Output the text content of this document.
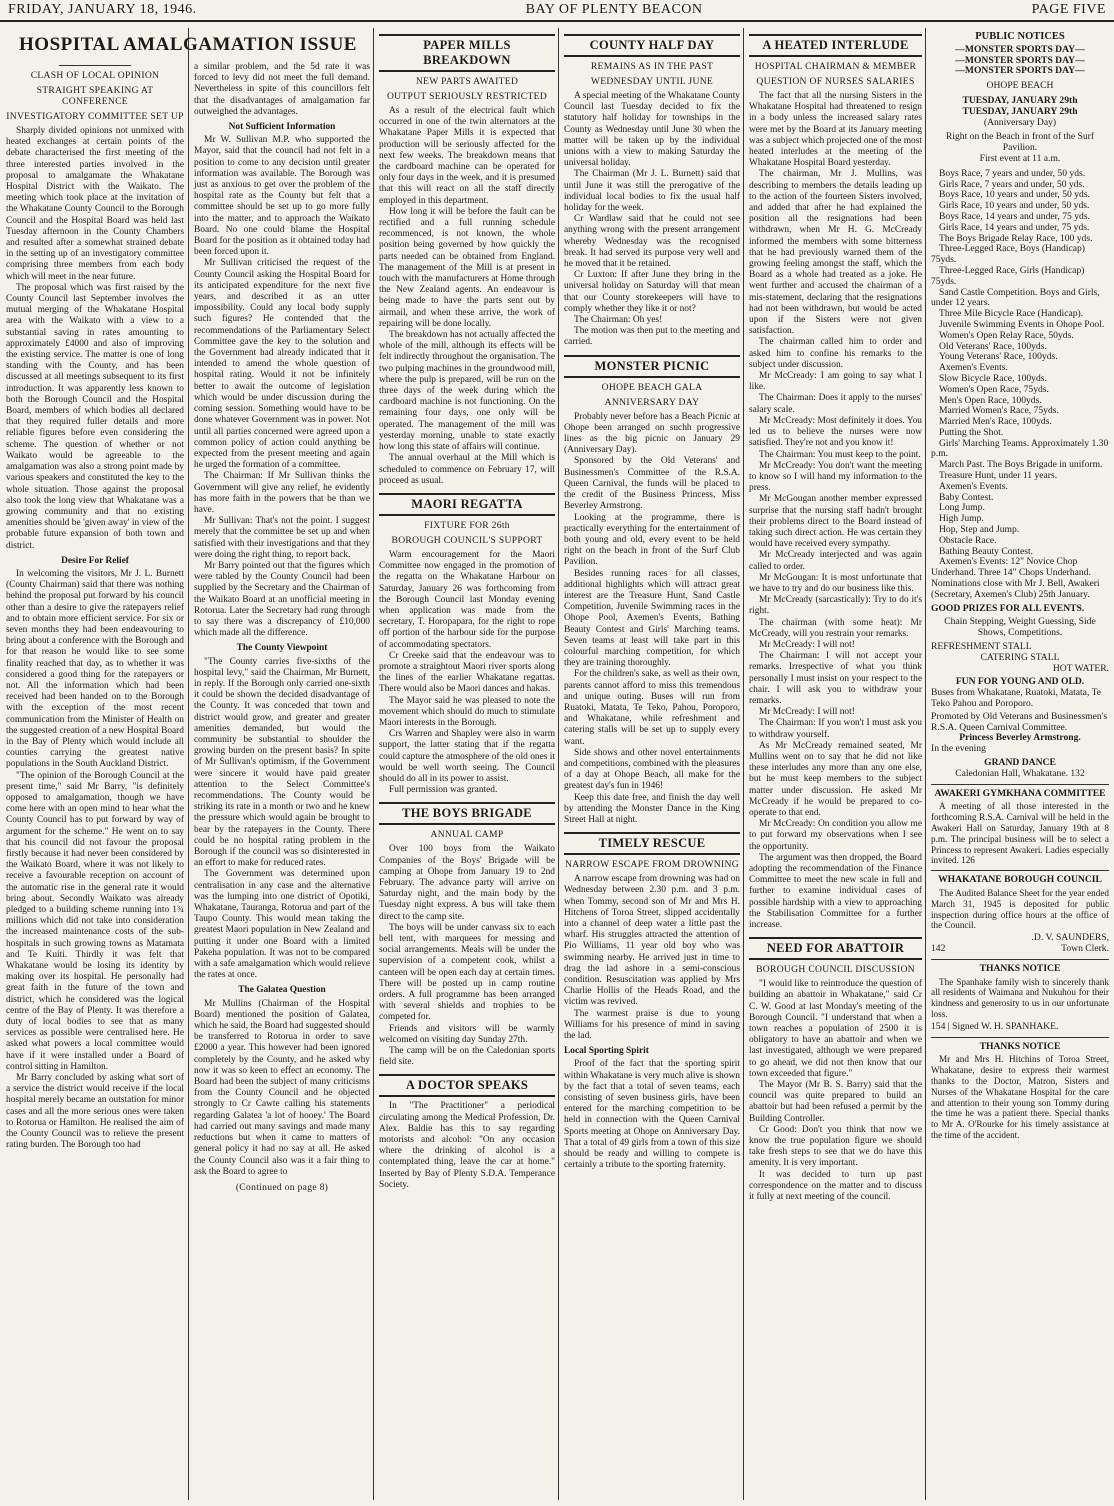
FRIDAY, JANUARY 18, 1946.	BAY OF PLENTY BEACON	PAGE FIVE
HOSPITAL AMALGAMATION ISSUE
CLASH OF LOCAL OPINION
STRAIGHT SPEAKING AT CONFERENCE
INVESTIGATORY COMMITTEE SET UP

Sharply divided opinions not unmixed with heated exchanges at certain points of the debate characterised the first meeting of the three interested parties involved in the proposal to amalgamate the Whakatane Hospital District with the Waikato. The meeting which took place at the invitation of the Whakatane County Council to the Borough Council and the Hospital Board was held last Tuesday afternoon in the County Chambers and resulted after a somewhat strained debate in the setting up of an investigatory committee comprising three members from each body which will meet in the near future.

The proposal which was first raised by the County Council last September involves the mutual merging of the Whakatane Hospital area with the Waikato with a view to a substantial saving in rates amounting to approximately £4000 and also of improving the existing service. The matter is one of long standing with the County, and has been discussed at all meetings subsequent to its first introduction. It was apparently less known to both the Borough Council and the Hospital Board, members of which bodies all declared that they required fuller details and more reliable figures before even considering the scheme. The question of whether or not Waikato would be agreeable to the amalgamation was also a strong point made by various speakers and constituted the key to the whole situation. Those against the proposal also took the long view that Whakatane was a growing community and that no existing amenities should be 'given away' in view of the probable future expansion of both town and district.

Desire For Relief

In welcoming the visitors, Mr J. L. Burnett (County Chairman) said that there was nothing behind the proposal put forward by his council other than a desire to give the ratepayers relief and to obtain more efficient service. For six or seven months they had been endeavouring to bring about a conference with the Borough and for that reason he would like to see some finality reached that day, as to whether it was considered a good thing for the ratepayers or not. All the information which had been received had been handed on to the Borough with the exception of the most recent communication from the Minister of Health on the suggested creation of a new Hospital Board in the Bay of Plenty which would include all counties carrying the greatest native populations in the South Auckland District.

"The opinion of the Borough Council at the present time," said Mr Barry, "is definitely opposed to amalgamation, though we have come here with an open mind to hear what the County Council has to put forward by way of argument for the scheme." He went on to say that his council did not favour the proposal firstly because it had never been considered by the Waikato Board, where it was not likely to receive a favourable reception on account of the automatic rise in the general rate it would bring about. Secondly Waikato was already pledged to a building scheme running into 1¾ millions which did not take into consideration the increased maintenance costs of the sub-hospitals in such growing towns as Matamata and Te Kuiti. Thirdly it was felt that Whakatane would be losing its identity by making over its hospital. He personally had great faith in the future of the town and district, which he considered was the logical centre of the Bay of Plenty. It was therefore a duty of local bodies to see that as many services as possible were centralised here. He asked what powers a local committee would have if it were installed under a Board of control sitting in Hamilton.

Mr Barry concluded by asking what sort of a service the district would receive if the local hospital merely became an outstation for minor cases and all the more serious ones were taken to Rotorua or Hamilton. He realised the aim of the County Council was to relieve the present rating burden. The Borough too had

a similar problem, and the 5d rate it was forced to levy did not meet the full demand. Nevertheless in spite of this councillors felt that the disadvantages of amalgamation far outweighed the advantages.

Not Sufficient Information

Mr W. Sullivan M.P. who supported the Mayor, said that the council had not felt in a position to come to any decision until greater information was available. The Borough was just as anxious to get over the problem of the hospital rate as the County but felt that a committee should be set up to go more fully into the matter, and to approach the Waikato Board. No one could blame the Hospital Board for the position as it obtained today had been forced upon it.

Mr Sullivan criticised the request of the County Council asking the Hospital Board for its anticipated expenditure for the next five years, and described it as an utter impossibility. Could any local body supply such figures? He contended that the recommendations of the Parliamentary Select Committee gave the key to the solution and the Government had already indicated that it intended to amend the whole question of hospital rating. Would it not be infinitely better to await the outcome of legislation which would be under discussion during the coming session. Something would have to be done whatever Government was in power. Not until all parties concerned were agreed upon a common policy of action could anything be expected from the present meeting and again he urged the formation of a committee.

The Chairman: If Mr Sullivan thinks the Government will give any relief, he evidently has more faith in the powers that be than we have.

Mr Sullivan: That's not the point. I suggest merely that the committee be set up and when satisfied with their investigations and that they were doing the right thing, to report back.

Mr Barry pointed out that the figures which were tabled by the County Council had been supplied by the Secretary and the Chairman of the Waikato Board at an unofficial meeting in Rotorua. Later the Secretary had rung through to say there was a discrepancy of £10,000 which made all the difference.

The County Viewpoint

"The County carries five-sixths of the hospital levy," said the Chairman, Mr Burnett, in reply. If the Borough only carried one-sixth it could be shown the decided disadvantage of the County. It was conceded that town and district would grow, and greater and greater amenities demanded, but would the community be substantial to shoulder the growing burden on the present basis? In spite of Mr Sullivan's optimism, if the Government were sincere it would have paid greater attention to the Select Committee's recommendations. The County would be striking its rate in a month or two and he knew the pressure which would again be brought to bear by the ratepayers in the County. There could be no hospital rating problem in the Borough if the council was so disinterested in an effort to make for reduced rates.

The Government was determined upon centralisation in any case and the alternative was the lumping into one district of Opotiki, Whakatane, Tauranga, Rotorua and part of the Taupo County. This would mean taking the greatest Maori population in New Zealand and putting it under one Board with a limited Pakeha population. It was not to be compared with a safe amalgamation which would relieve the rates at once.

The Galatea Question

Mr Mullins (Chairman of the Hospital Board) mentioned the position of Galatea, which he said, the Board had suggested should be transferred to Rotorua in order to save £2000 a year. This however had been ignored completely by the County, and he asked why now it was so keen to effect an economy. The Board had been the subject of many criticisms from the County Council and he objected strongly to Cr Cawte calling his statements regarding Galatea 'a lot of hooey.' The Board had carried out many savings and made many reductions but when it came to matters of general policy it had no say at all. He asked the County Council also was it a fair thing to ask the Board to agree to

(Continued on page 8)
PAPER MILLS BREAKDOWN
NEW PARTS AWAITED
OUTPUT SERIOUSLY RESTRICTED

As a result of the electrical fault which occurred in one of the twin alternators at the Whakatane Paper Mills it is expected that production will be seriously affected for the next few weeks. The breakdown means that the cardboard machine can be operated for only four days in the week, and it is presumed that this will react on all the staff directly employed in this department.

How long it will be before the fault can be rectified and a full running schedule recommenced, is not known, the whole position being governed by how quickly the parts needed can be obtained from England. The management of the Mill is at present in touch with the manufacturers at Home through the New Zealand agents. An endeavour is being made to have the parts sent out by airmail, and when these arrive, the work of repairing will be done locally.

The breakdown has not actually affected the whole of the mill, although its effects will be felt indirectly throughout the organisation. The two pulping machines in the groundwood mill, where the pulp is prepared, will be run on the three days of the week during which the cardboard machine is not functioning. On the remaining four days, one only will be operated. The management of the mill was yesterday morning, unable to state exactly how long this state of affairs will continue.

The annual overhaul at the Mill which is scheduled to commence on February 17, will proceed as usual.

MAORI REGATTA
FIXTURE FOR 26th
BOROUGH COUNCIL'S SUPPORT

Warm encouragement for the Maori Committee now engaged in the promotion of the regatta on the Whakatane Harbour on Saturday, January 26 was forthcoming from the Borough Council last Monday evening when application was made from the secretary, T. Horopapara, for the right to rope off portion of the harbour side for the purpose of accommodating spectators.

Cr Creeke said that the endeavour was to promote a straightout Maori river sports along the lines of the earlier Whakatane regattas. There would also be Maori dances and hakas.

The Mayor said he was pleased to note the movement which should do much to stimulate Maori interests in the Borough.

Crs Warren and Shapley were also in warm support, the latter stating that if the regatta could capture the atmosphere of the old ones it would be well worth seeing. The Council should do all in its power to assist.

Full permission was granted.

THE BOYS BRIGADE
ANNUAL CAMP

Over 100 boys from the Waikato Companies of the Boys' Brigade will be camping at Ohope from January 19 to 2nd February. The advance party will arrive on Saturday night, and the main body by the Tuesday night express. A bus will take them direct to the camp site.

The boys will be under canvass six to each bell tent, with marquees for messing and social arrangements. Meals will be under the supervision of a competent cook, whilst a canteen will be open each day at certain times. There will be posted up in camp routine orders. A full programme has been arranged with several shields and trophies to be competed for.

Friends and visitors will be warmly welcomed on visiting day Sunday 27th.

The camp will be on the Caledonian sports field site.

A DOCTOR SPEAKS

In "The Practitioner" a periodical circulating among the Medical Profession, Dr. Alex. Baldie has this to say regarding motorists and alcohol: "On any occasion where the drinking of alcohol is a contemplated thing, leave the car at home." Inserted by Bay of Plenty S.D.A. Temperance Society.

COUNTY HALF DAY
REMAINS AS IN THE PAST
WEDNESDAY UNTIL JUNE

A special meeting of the Whakatane County Council last Tuesday decided to fix the statutory half holiday for townships in the County as Wednesday until June 30 when the matter will be taken up by the individual unions with a view to making Saturday the universal holiday.

The Chairman (Mr J. L. Burnett) said that until June it was still the prerogative of the individual local bodies to fix the usual half holiday for the week.

Cr Wardlaw said that he could not see anything wrong with the present arrangement whereby Wednesday was the recognised break. It had served its purpose very well and he moved that it be retained.

Cr Luxton: If after June they bring in the universal holiday on Saturday will that mean that our County storekeepers will have to comply whether they like it or not?

The Chairman: Oh yes!

The motion was then put to the meeting and carried.

MONSTER PICNIC
OHOPE BEACH GALA
ANNIVERSARY DAY

Probably never before has a Beach Picnic at Ohope been arranged on suchh progressive lines as the big picnic on January 29 (Anniversary Day).

Sponsored by the Old Veterans' and Businessmen's Committee of the R.S.A. Queen Carnival, the funds will be placed to the credit of the Business Princess, Miss Beverley Armstrong.

Looking at the programme, there is practically everything for the entertainment of both young and old, every event to be held right on the beach in front of the Surf Club Pavilion.

Besides running races for all classes, additional highlights which will attract great interest are the Treasure Hunt, Sand Castle Competition, Juvenile Swimming races in the Ohope Pool, Axemen's Events, Bathing Beauty Contest and Girls' Marching teams. Seven teams at least will take part in this colourful marching competition, for which they are training thoroughly.

For the children's sake, as well as their own, parents cannot afford to miss this tremendous and unique outing. Buses will run from Ruatoki, Matata, Te Teko, Pahou, Poroporo, and Whakatane, while refreshment and catering stalls will be set up to supply every want.

Side shows and other novel entertainments and competitions, combined with the pleasures of a day at Ohope Beach, all make for the greatest day's fun in 1946!

Keep this date free, and finish the day well by attending the Monster Dance in the King Street Hall at night.

TIMELY RESCUE
NARROW ESCAPE FROM DROWNING

A narrow escape from drowning was had on Wednesday between 2.30 p.m. and 3 p.m. when Tommy, second son of Mr and Mrs H. Hitchens of Toroa Street, slipped accidentally into a channel of deep water a little past the wharf. His struggles attracted the attention of Pio Williams, 11 year old boy who was swimming nearby. He arrived just in time to drag the lad ashore in a semi-conscious condition. Resuscitation was applied by Mrs Charlie Hollis of the Heads Road, and the victim was revived.

The warmest praise is due to young Williams for his presence of mind in saving the lad.

Local Sporting Spirit

Proof of the fact that the sporting spirit within Whakatane is very much alive is shown by the fact that a total of seven teams, each consisting of seven business girls, have been entered for the marching competition to be held in connection with the Queen Carnival Sports meeting at Ohope on Anniversary Day. That a total of 49 girls from a town of this size should be ready and willing to compete is certainly a tribute to the sporting fraternity.

A HEATED INTERLUDE
HOSPITAL CHAIRMAN & MEMBER
QUESTION OF NURSES SALARIES

The fact that all the nursing Sisters in the Whakatane Hospital had threatened to resign in a body unless the increased salary rates were met by the Board at its January meeting was a subject which projected one of the most heated interludes at the meeting of the Whakatane Hospital Board yesterday.

The chairman, Mr J. Mullins, was describing to members the details leading up to the action of the fourteen Sisters involved, and added that after he had explained the position all the resignations had been withdrawn, when Mr H. G. McCready informed the members with some bitterness that he had previously warned them of the growing feeling amongst the staff, which the Board as a whole had treated as a joke. He went further and accused the chairman of a mis-statement, declaring that the resignations had not been withdrawn, but would be acted upon if the Sisters were not given satisfaction.

The chairman called him to order and asked him to confine his remarks to the subject under discussion.

Mr McCready: I am going to say what I like.

The Chairman: Does it apply to the nurses' salary scale.

Mr McCready: Most definitely it does. You led us to believe the nurses were now satisfied. They're not and you know it!

The Chairman: You must keep to the point.

Mr McCready: You don't want the meeting to know so I will hand my information to the press.

Mr McGougan another member expressed surprise that the nursing staff hadn't brought their problems direct to the Board instead of taking such direct action. He was certain they would have received every sympathy.

Mr McCready interjected and was again called to order.

Mr McGougan: It is most unfortunate that we have to try and do our business like this.

Mr McCready (sarcastically): Try to do it's right.

The chairman (with some heat): Mr McCready, will you restrain your remarks.

Mr McCready: I will not!

The Chairman: I will not accept your remarks. Irrespective of what you think personally I must insist on your respect to the chair. I will ask you to withdraw your remarks.

Mr McCready: I will not!

The Chairman: If you won't I must ask you to withdraw yourself.

As Mr McCready remained seated, Mr Mullins went on to say that he did not like these interludes any more than any one else, but he must keep members to the subject matter under discussion. He asked Mr McCready if he would be prepared to co-operate to that end.

Mr McCready: On condition you allow me to put forward my observations when I see the opportunity.

The argument was then dropped, the Board adopting the recommendation of the Finance Committee to meet the new scale in full and further to examine individual cases of possible hardship with a view to approaching the Stabilisation Committee for a further increase.

NEED FOR ABATTOIR
BOROUGH COUNCIL DISCUSSION

"I would like to reintroduce the question of building an abattoir in Whakatane," said Cr C. W. Good at last Monday's meeting of the Borough Council. "I understand that when a town reaches a population of 2500 it is obligatory to have an abattoir and when we last investigated, although we were prepared to go ahead, we did not then know that our town exceeded that figure."

The Mayor (Mr B. S. Barry) said that the council was quite prepared to build an abattoir but had been refused a permit by the Building Controller.

Cr Good: Don't you think that now we know the true population figure we should take fresh steps to see that we do have this amenity. It is very important.

It was decided to turn up past correspondence on the matter and to discuss it fully at next meeting of the council.

PUBLIC NOTICES
—MONSTER SPORTS DAY—
—MONSTER SPORTS DAY—
—MONSTER SPORTS DAY—
OHOPE BEACH
TUESDAY, JANUARY 29th
TUESDAY, JANUARY 29th
(Anniversary Day)
Right on the Beach in front of the Surf Pavilion.
First event at 11 a.m.
Boys Race, 7 years and under, 50 yds.
Girls Race, 7 years and under, 50 yds.
Boys Race, 10 years and under, 50 yds.
Girls Race, 10 years and under, 50 yds.
Boys Race, 14 years and under, 75 yds.
Girls Race, 14 years and under, 75 yds.
The Boys Brigade Relay Race, 100 yds.
Three-Legged Race, Boys (Handicap) 75yds.
Three-Legged Race, Girls (Handicap) 75yds.
Sand Castle Competition. Boys and Girls, under 12 years.
Three Mile Bicycle Race (Handicap).
Juvenile Swimming Events in Ohope Pool.
Women's Open Relay Race, 50yds.
Old Veterans' Race, 100yds.
Young Veterans' Race, 100yds.
Axemen's Events.
Slow Bicycle Race, 100yds.
Women's Open Race, 75yds.
Men's Open Race, 100yds.
Married Women's Race, 75yds.
Married Men's Race, 100yds.
Putting the Shot.
Girls' Marching Teams. Approximately 1.30 p.m.
March Past. The Boys Brigade in uniform.
Treasure Hunt, under 11 years.
Axemen's Events.
Baby Contest.
Long Jump.
High Jump.
Hop, Step and Jump.
Obstacle Race.
Bathing Beauty Contest.
Axemen's Events: 12" Novice Chop Underhand. Three 14" Chops Underhand. Nominations close with Mr J. Bell, Awakeri (Secretary, Axemen's Club) 25th January.
GOOD PRIZES FOR ALL EVENTS.
Chain Stepping, Weight Guessing, Side Shows, Competitions.
REFRESHMENT STALL
CATERING STALL
HOT WATER.
FUN FOR YOUNG AND OLD.
Buses from Whakatane, Ruatoki, Matata, Te Teko Pahou and Poroporo.
Promoted by Old Veterans and Businessmen's R.S.A. Queen Carnival Committee.
Princess Beverley Armstrong.
In the evening
GRAND DANCE
Caledonian Hall, Whakatane. 132
AWAKERI GYMKHANA COMMITTEE

A meeting of all those interested in the forthcoming R.S.A. Carnival will be held in the Awakeri Hall on Saturday, January 19th at 8 p.m. The principal business will be to select a Princess to represent Awakeri. Ladies especially invited. 126

WHAKATANE BOROUGH COUNCIL

The Audited Balance Sheet for the year ended March 31, 1945 is deposited for public inspection during office hours at the office of the Council.

.D. V. SAUNDERS,
142	Town Clerk.
THANKS NOTICE

The Spanhake family wish to sincerely thank all residents of Waimana and Nukuhou for their kindness and generosity to us in our unfortunate loss.

154 | Signed W. H. SPANHAKE.
THANKS NOTICE

Mr and Mrs H. Hitchins of Toroa Street, Whakatane, desire to express their warmest thanks to the Doctor, Matron, Sisters and Nurses of the Whakatane Hospital for the care and attention to their young son Tommy during the time he was a patient there. Special thanks to Mr A. O'Rourke for his timely assistance at the time of the accident.
